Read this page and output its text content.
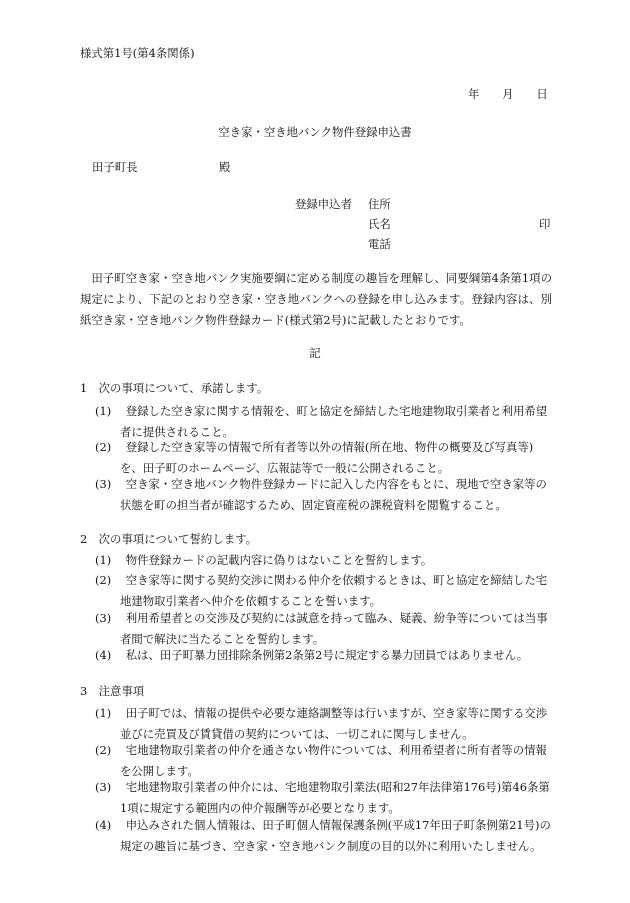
様式第1号(第4条関係)
年　　月　　日
空き家・空き地バンク物件登録申込書
田子町長	殿
登録申込者 住所
氏名	印
電話
田子町空き家・空き地バンク実施要綱に定める制度の趣旨を理解し、同要綱第4条第1項の規定により、下記のとおり空き家・空き地バンクへの登録を申し込みます。登録内容は、別紙空き家・空き地バンク物件登録カード(様式第2号)に記載したとおりです。
記
1　次の事項について、承諾します。
(1)	登録した空き家に関する情報を、町と協定を締結した宅地建物取引業者と利用希望者に提供されること。
(2)	登録した空き家等の情報で所有者等以外の情報(所在地、物件の概要及び写真等)を、田子町のホームページ、広報誌等で一般に公開されること。
(3)	空き家・空き地バンク物件登録カードに記入した内容をもとに、現地で空き家等の状態を町の担当者が確認するため、固定資産税の課税資料を閲覧すること。
2　次の事項について誓約します。
(1)	物件登録カードの記載内容に偽りはないことを誓約します。
(2)	空き家等に関する契約交渉に関わる仲介を依頼するときは、町と協定を締結した宅地建物取引業者へ仲介を依頼することを誓います。
(3)	利用希望者との交渉及び契約には誠意を持って臨み、疑義、紛争等については当事者間で解決に当たることを誓約します。
(4)	私は、田子町暴力団排除条例第2条第2号に規定する暴力団員ではありません。
3　注意事項
(1)	田子町では、情報の提供や必要な連絡調整等は行いますが、空き家等に関する交渉並びに売買及び賃貸借の契約については、一切これに関与しません。
(2)	宅地建物取引業者の仲介を通さない物件については、利用希望者に所有者等の情報を公開します。
(3)	宅地建物取引業者の仲介には、宅地建物取引業法(昭和27年法律第176号)第46条第1項に規定する範囲内の仲介報酬等が必要となります。
(4)	申込みされた個人情報は、田子町個人情報保護条例(平成17年田子町条例第21号)の規定の趣旨に基づき、空き家・空き地バンク制度の目的以外に利用いたしません。
